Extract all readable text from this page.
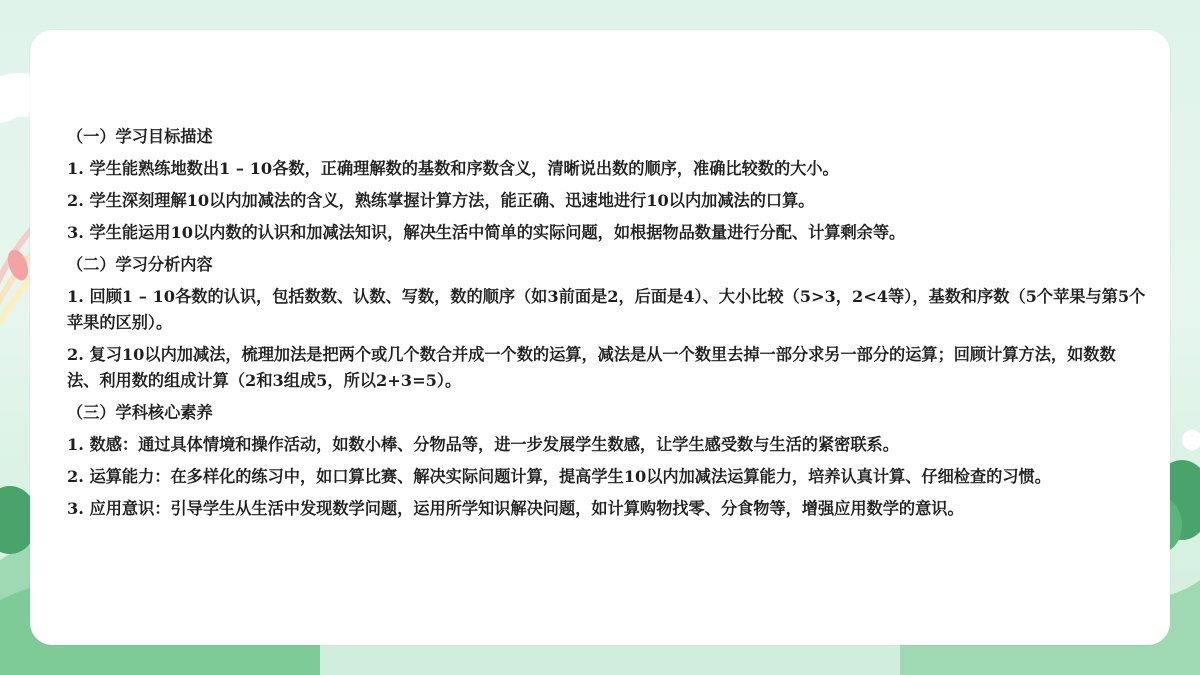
（一）学习目标描述

1. 学生能熟练地数出1 – 10各数，正确理解数的基数和序数含义，清晰说出数的顺序，准确比较数的大小。

2. 学生深刻理解10以内加减法的含义，熟练掌握计算方法，能正确、迅速地进行10以内加减法的口算。

3. 学生能运用10以内数的认识和加减法知识，解决生活中简单的实际问题，如根据物品数量进行分配、计算剩余等。

（二）学习分析内容

1. 回顾1 – 10各数的认识，包括数数、认数、写数，数的顺序（如3前面是2，后面是4）、大小比较（5>3，2<4等），基数和序数（5个苹果与第5个苹果的区别）。

2. 复习10以内加减法，梳理加法是把两个或几个数合并成一个数的运算，减法是从一个数里去掉一部分求另一部分的运算；回顾计算方法，如数数法、利用数的组成计算（2和3组成5，所以2+3=5）。

（三）学科核心素养

1. 数感：通过具体情境和操作活动，如数小棒、分物品等，进一步发展学生数感，让学生感受数与生活的紧密联系。

2. 运算能力：在多样化的练习中，如口算比赛、解决实际问题计算，提高学生10以内加减法运算能力，培养认真计算、仔细检查的习惯。

3. 应用意识：引导学生从生活中发现数学问题，运用所学知识解决问题，如计算购物找零、分食物等，增强应用数学的意识。
